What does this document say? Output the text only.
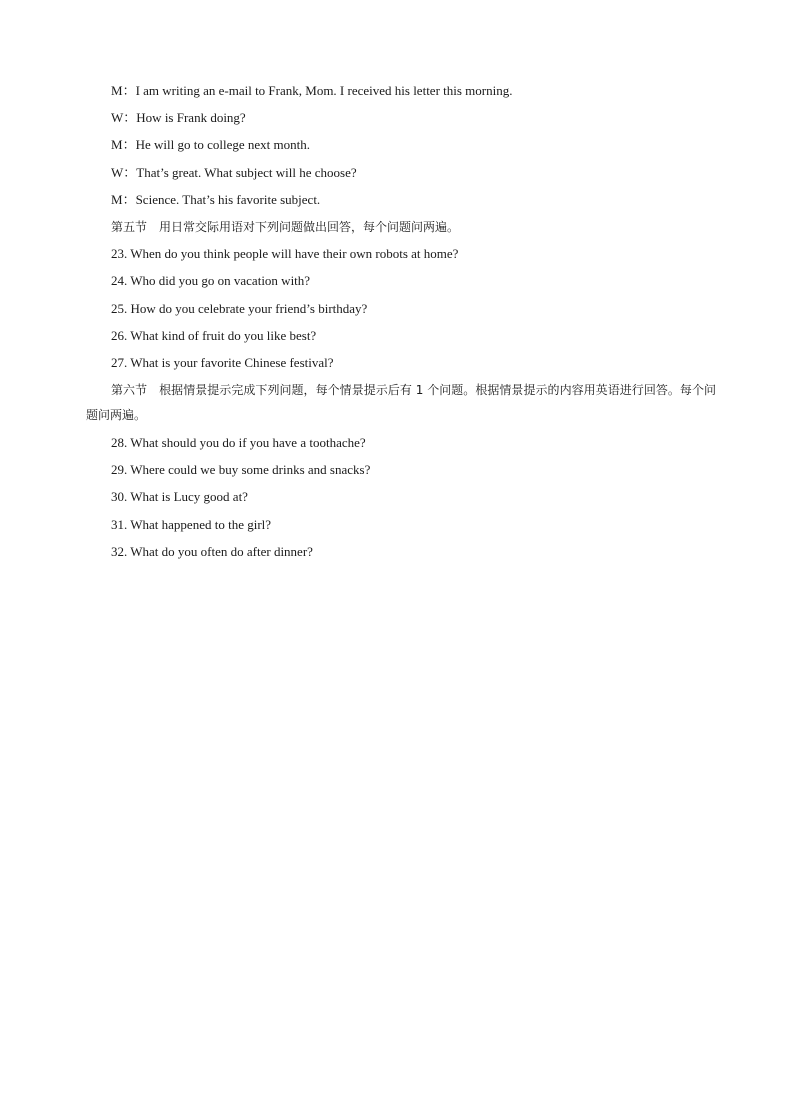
M：I am writing an e-mail to Frank, Mom. I received his letter this morning.
W：How is Frank doing?
M：He will go to college next month.
W：That’s great. What subject will he choose?
M：Science. That’s his favorite subject.
第五节　用日常交际用语对下列问题做出回答，每个问题问两遍。
23. When do you think people will have their own robots at home?
24. Who did you go on vacation with?
25. How do you celebrate your friend’s birthday?
26. What kind of fruit do you like best?
27. What is your favorite Chinese festival?
第六节　根据情景提示完成下列问题，每个情景提示后有 1 个问题。根据情景提示的内容用英语进行回答。每个问题问两遍。
28. What should you do if you have a toothache?
29. Where could we buy some drinks and snacks?
30. What is Lucy good at?
31. What happened to the girl?
32. What do you often do after dinner?
